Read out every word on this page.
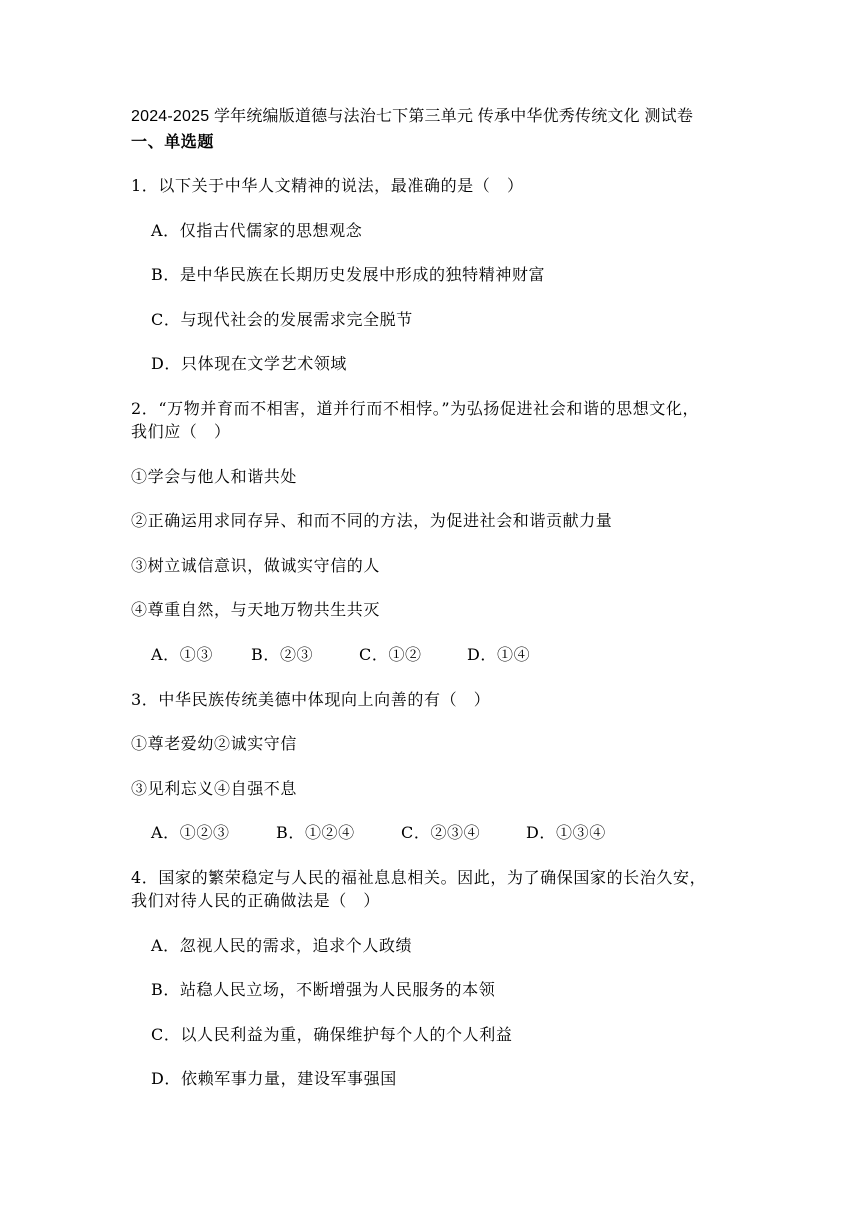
2024-2025 学年统编版道德与法治七下第三单元 传承中华优秀传统文化 测试卷
一、单选题
1．以下关于中华人文精神的说法，最准确的是（　）
A．仅指古代儒家的思想观念
B．是中华民族在长期历史发展中形成的独特精神财富
C．与现代社会的发展需求完全脱节
D．只体现在文学艺术领域
2．“万物并育而不相害，道并行而不相悖。”为弘扬促进社会和谐的思想文化，
我们应（　）
①学会与他人和谐共处
②正确运用求同存异、和而不同的方法，为促进社会和谐贡献力量
③树立诚信意识，做诚实守信的人
④尊重自然，与天地万物共生共灭
A．①③ B．②③	C．①②	D．①④
3．中华民族传统美德中体现向上向善的有（　）
①尊老爱幼②诚实守信
③见利忘义④自强不息
A．①②③	B．①②④	C．②③④	D．①③④
4．国家的繁荣稳定与人民的福祉息息相关。因此，为了确保国家的长治久安，
我们对待人民的正确做法是（　）
A．忽视人民的需求，追求个人政绩
B．站稳人民立场，不断增强为人民服务的本领
C．以人民利益为重，确保维护每个人的个人利益
D．依赖军事力量，建设军事强国
